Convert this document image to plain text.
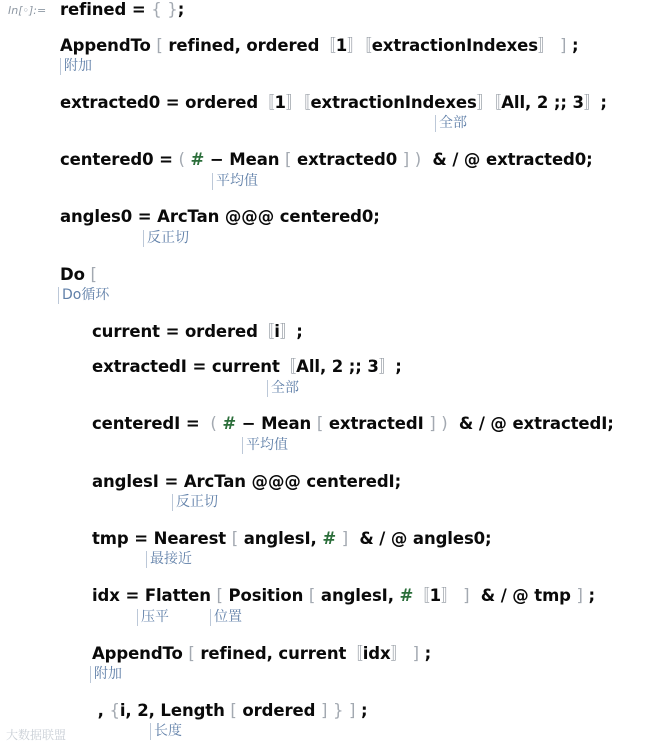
In[◦]:= refined = { };
AppendTo [ refined, ordered〚1〛〚extractionIndexes〛 ] ;
附加
extracted0 = ordered〚1〛〚extractionIndexes〛〚All, 2 ;; 3〛;
全部
centered0 = ( # − Mean [ extracted0 ] )  & / @ extracted0;
平均值
angles0 = ArcTan @@@ centered0;
反正切
Do [
Do循环
current = ordered〚i〛;
extractedI = current〚All, 2 ;; 3〛;
全部
centeredI =  ( # − Mean [ extractedI ] )  & / @ extractedI;
平均值
anglesI = ArcTan @@@ centeredI;
反正切
tmp = Nearest [ anglesI, # ]  & / @ angles0;
最接近
idx = Flatten [ Position [ anglesI, #〚1〛 ]  & / @ tmp ] ;
压平	位置
AppendTo [ refined, current〚idx〛 ] ;
附加
, {i, 2, Length [ ordered ] } ] ;
长度
大数据联盟
